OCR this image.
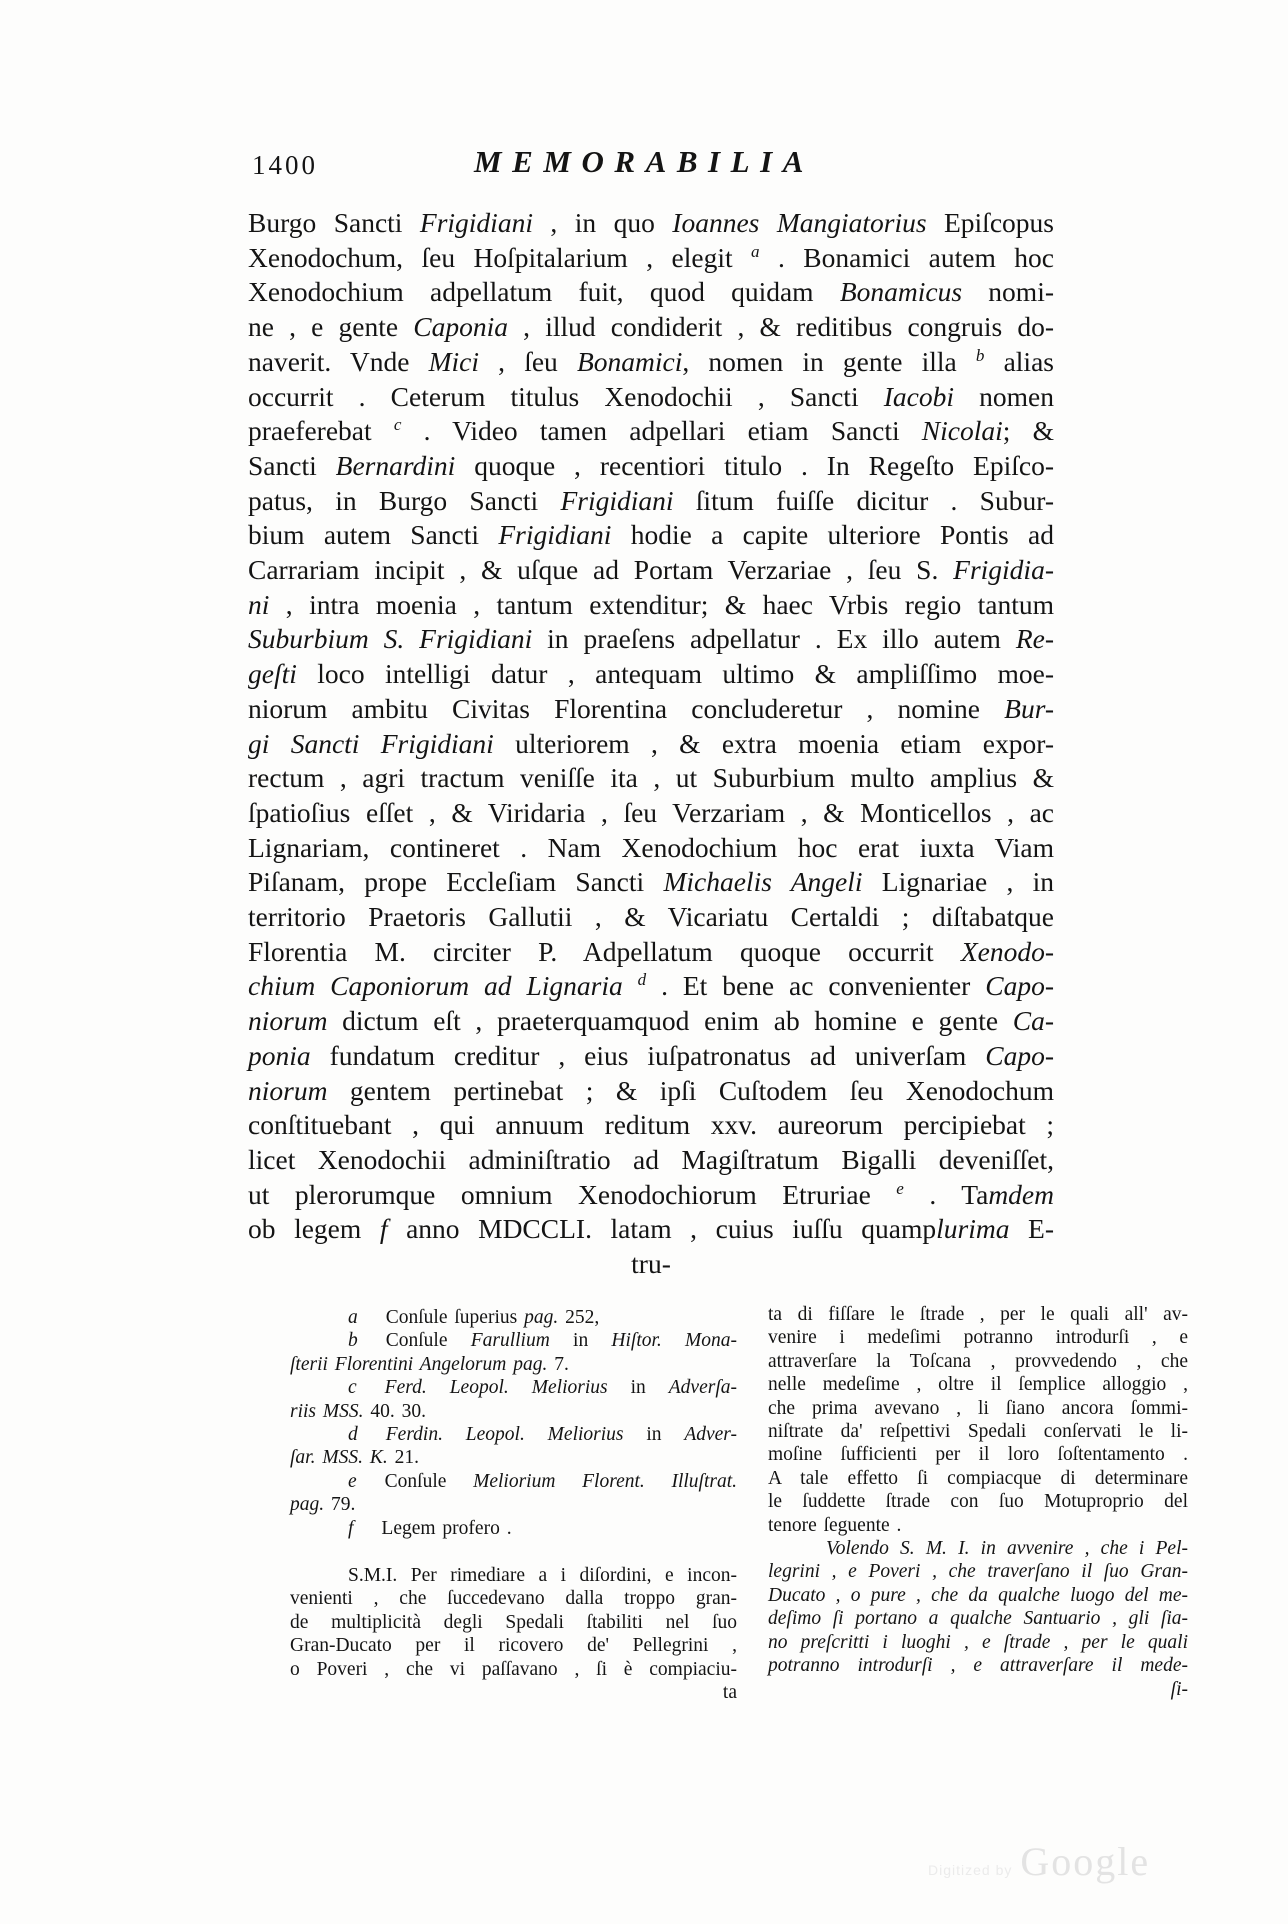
1400	MEMORABILIA
Burgo Sancti Frigidiani , in quo Ioannes Mangiatorius Epiſcopus
Xenodochum, ſeu Hoſpitalarium , elegit $^a$ . Bonamici autem hoc
Xenodochium adpellatum fuit, quod quidam Bonamicus nomi-
ne , e gente Caponia , illud condiderit , & reditibus congruis do-
naverit. Vnde Mici , ſeu Bonamici, nomen in gente illa $^b$ alias
occurrit . Ceterum titulus Xenodochii , Sancti Iacobi nomen
praeferebat $^c$ . Video tamen adpellari etiam Sancti Nicolai; &
Sancti Bernardini quoque , recentiori titulo . In Regeſto Epiſco-
patus, in Burgo Sancti Frigidiani ſitum fuiſſe dicitur . Subur-
bium autem Sancti Frigidiani hodie a capite ulteriore Pontis ad
Carrariam incipit , & uſque ad Portam Verzariae , ſeu S. Frigidia-
ni , intra moenia , tantum extenditur; & haec Vrbis regio tantum
Suburbium S. Frigidiani in praeſens adpellatur . Ex illo autem Re-
geſti loco intelligi datur , antequam ultimo & ampliſſimo moe-
niorum ambitu Civitas Florentina concluderetur , nomine Bur-
gi Sancti Frigidiani ulteriorem , & extra moenia etiam expor-
rectum , agri tractum veniſſe ita , ut Suburbium multo amplius &
ſpatioſius eſſet , & Viridaria , ſeu Verzariam , & Monticellos , ac
Lignariam, contineret . Nam Xenodochium hoc erat iuxta Viam
Piſanam, prope Eccleſiam Sancti Michaelis Angeli Lignariae , in
territorio Praetoris Gallutii , & Vicariatu Certaldi ; diſtabatque
Florentia M. circiter P. Adpellatum quoque occurrit Xenodo-
chium Caponiorum ad Lignaria $^d$ . Et bene ac convenienter Capo-
niorum dictum eſt , praeterquamquod enim ab homine e gente Ca-
ponia fundatum creditur , eius iuſpatronatus ad univerſam Capo-
niorum gentem pertinebat ; & ipſi Cuſtodem ſeu Xenodochum
conſtituebant , qui annuum reditum xxv. aureorum percipiebat ;
licet Xenodochii adminiſtratio ad Magiſtratum Bigalli deveniſſet,
ut plerorumque omnium Xenodochiorum Etruriae $^e$ . Tamdem
ob legem f anno MDCCLI. latam , cuius iuſſu quamplurima E-
tru-
a Conſule ſuperius pag. 252,
b Conſule Farullium in Hiſtor. Mona-
ſterii Florentini Angelorum pag. 7.
c Ferd. Leopol. Meliorius in Adverſa-
riis MSS. 40. 30.
d Ferdin. Leopol. Meliorius in Adver-
ſar. MSS. K. 21.
e Conſule Meliorium Florent. Illuſtrat.
pag. 79.
f Legem profero .
S.M.I. Per rimediare a i diſordini, e incon-
venienti , che ſuccedevano dalla troppo gran-
de multiplicità degli Spedali ſtabiliti nel ſuo
Gran-Ducato per il ricovero de' Pellegrini ,
o Poveri , che vi paſſavano , ſi è compiaciu-
ta
ta di fiſſare le ſtrade , per le quali all' av-
venire i medeſimi potranno introdurſi , e
attraverſare la Toſcana , provvedendo , che
nelle medeſime , oltre il ſemplice alloggio ,
che prima avevano , li ſiano ancora ſommi-
niſtrate da' reſpettivi Spedali conſervati le li-
moſine ſufficienti per il loro ſoſtentamento .
A tale effetto ſi compiacque di determinare
le ſuddette ſtrade con ſuo Motuproprio del
tenore ſeguente .
Volendo S. M. I. in avvenire , che i Pel-
legrini , e Poveri , che traverſano il ſuo Gran-
Ducato , o pure , che da qualche luogo del me-
deſimo ſi portano a qualche Santuario , gli ſia-
no preſcritti i luoghi , e ſtrade , per le quali
potranno introdurſi , e attraverſare il mede-
ſi-
Digitized by Google
